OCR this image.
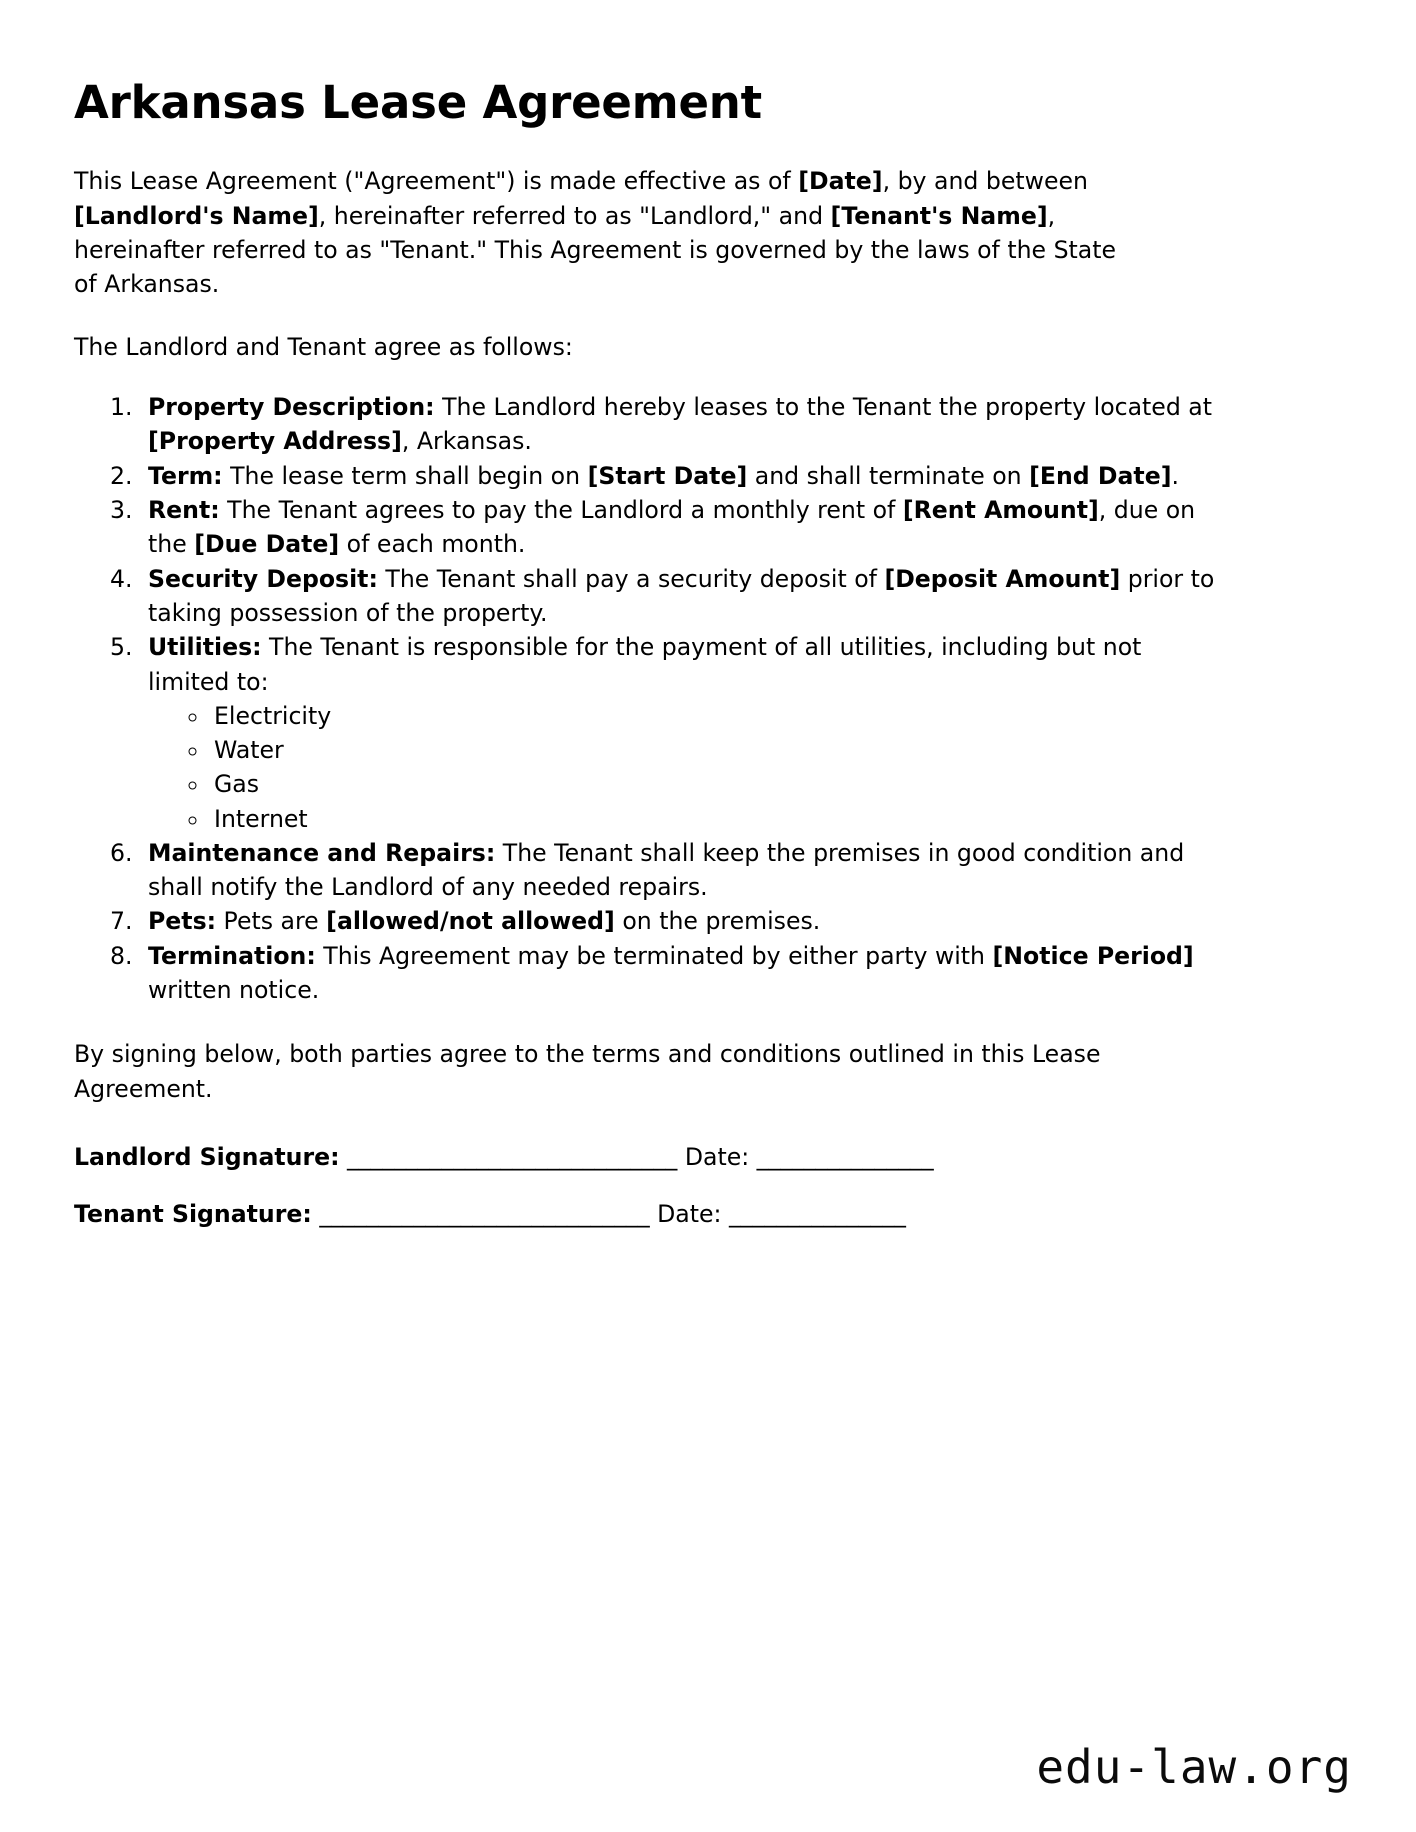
Arkansas Lease Agreement

This Lease Agreement ("Agreement") is made effective as of [Date], by and between [Landlord's Name], hereinafter referred to as "Landlord," and [Tenant's Name], hereinafter referred to as "Tenant." This Agreement is governed by the laws of the State of Arkansas.

The Landlord and Tenant agree as follows:

1. Property Description: The Landlord hereby leases to the Tenant the property located at [Property Address], Arkansas.
2. Term: The lease term shall begin on [Start Date] and shall terminate on [End Date].
3. Rent: The Tenant agrees to pay the Landlord a monthly rent of [Rent Amount], due on the [Due Date] of each month.
4. Security Deposit: The Tenant shall pay a security deposit of [Deposit Amount] prior to taking possession of the property.
5. Utilities: The Tenant is responsible for the payment of all utilities, including but not limited to:
◦ Electricity
◦ Water
◦ Gas
◦ Internet
6. Maintenance and Repairs: The Tenant shall keep the premises in good condition and shall notify the Landlord of any needed repairs.
7. Pets: Pets are [allowed/not allowed] on the premises.
8. Termination: This Agreement may be terminated by either party with [Notice Period] written notice.

By signing below, both parties agree to the terms and conditions outlined in this Lease Agreement.

Landlord Signature: ____________________________ Date: _______________
Tenant Signature: ____________________________ Date: _______________
edu-law.org
